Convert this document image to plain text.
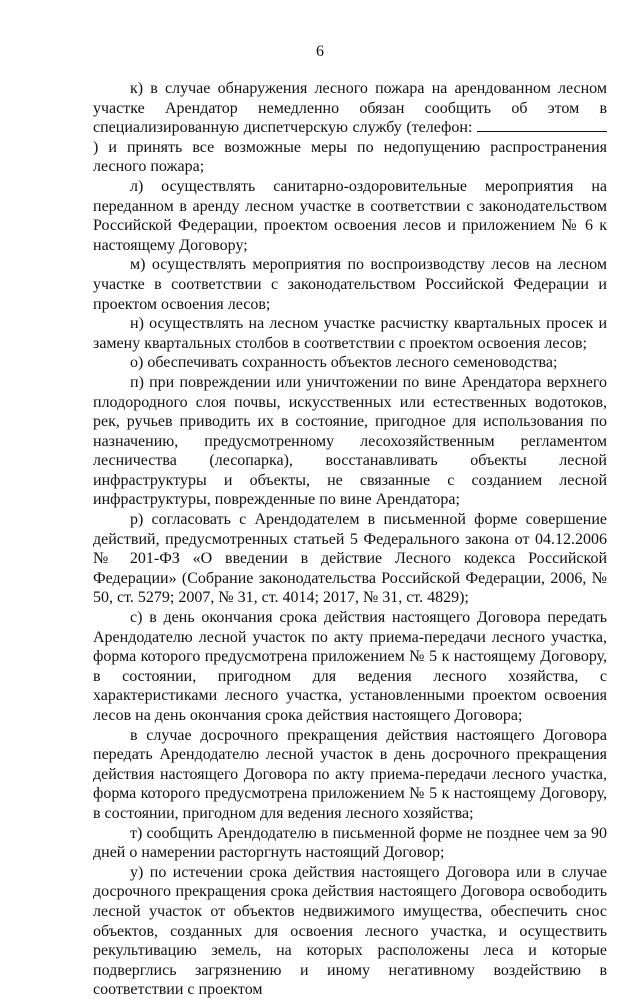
6

к) в случае обнаружения лесного пожара на арендованном лесном участке Арендатор немедленно обязан сообщить об этом в специализированную диспетчерскую службу (телефон: ) и принять все возможные меры по недопущению распространения лесного пожара;

л) осуществлять санитарно-оздоровительные мероприятия на переданном в аренду лесном участке в соответствии с законодательством Российской Федерации, проектом освоения лесов и приложением № 6 к настоящему Договору;

м) осуществлять мероприятия по воспроизводству лесов на лесном участке в соответствии с законодательством Российской Федерации и проектом освоения лесов;

н) осуществлять на лесном участке расчистку квартальных просек и замену квартальных столбов в соответствии с проектом освоения лесов;

о) обеспечивать сохранность объектов лесного семеноводства;

п) при повреждении или уничтожении по вине Арендатора верхнего плодородного слоя почвы, искусственных или естественных водотоков, рек, ручьев приводить их в состояние, пригодное для использования по назначению, предусмотренному лесохозяйственным регламентом лесничества (лесопарка), восстанавливать объекты лесной инфраструктуры и объекты, не связанные с созданием лесной инфраструктуры, поврежденные по вине Арендатора;

р) согласовать с Арендодателем в письменной форме совершение действий, предусмотренных статьей 5 Федерального закона от 04.12.2006 № 201-ФЗ «О введении в действие Лесного кодекса Российской Федерации» (Собрание законодательства Российской Федерации, 2006, № 50, ст. 5279; 2007, № 31, ст. 4014; 2017, № 31, ст. 4829);

с) в день окончания срока действия настоящего Договора передать Арендодателю лесной участок по акту приема-передачи лесного участка, форма которого предусмотрена приложением № 5 к настоящему Договору, в состоянии, пригодном для ведения лесного хозяйства, с характеристиками лесного участка, установленными проектом освоения лесов на день окончания срока действия настоящего Договора;

в случае досрочного прекращения действия настоящего Договора передать Арендодателю лесной участок в день досрочного прекращения действия настоящего Договора по акту приема-передачи лесного участка, форма которого предусмотрена приложением № 5 к настоящему Договору, в состоянии, пригодном для ведения лесного хозяйства;

т) сообщить Арендодателю в письменной форме не позднее чем за 90 дней о намерении расторгнуть настоящий Договор;

у) по истечении срока действия настоящего Договора или в случае досрочного прекращения срока действия настоящего Договора освободить лесной участок от объектов недвижимого имущества, обеспечить снос объектов, созданных для освоения лесного участка, и осуществить рекультивацию земель, на которых расположены леса и которые подверглись загрязнению и иному негативному воздействию в соответствии с проектом
